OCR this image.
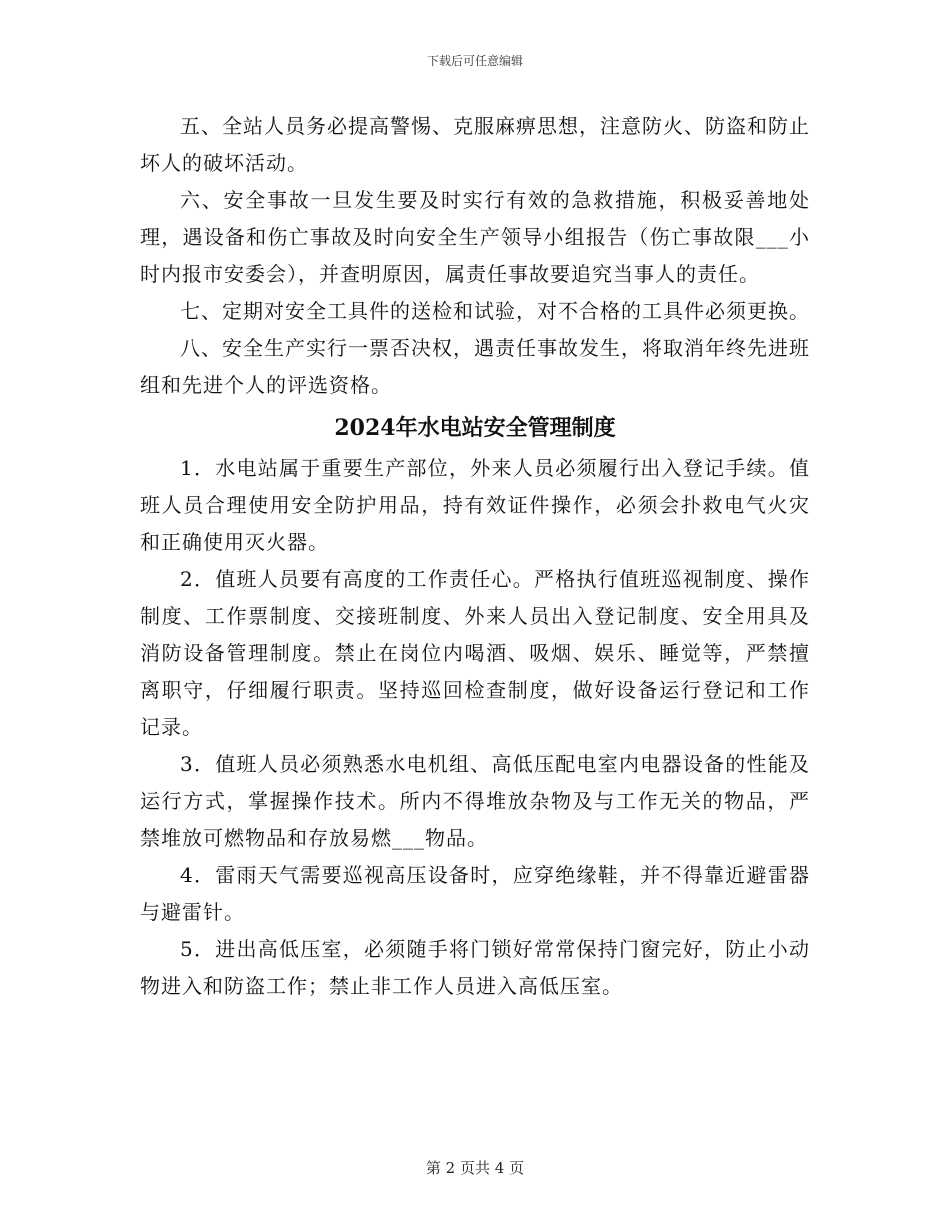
下载后可任意编辑

五、全站人员务必提高警惕、克服麻痹思想，注意防火、防盗和防止坏人的破坏活动。

六、安全事故一旦发生要及时实行有效的急救措施，积极妥善地处理，遇设备和伤亡事故及时向安全生产领导小组报告（伤亡事故限___小时内报市安委会），并查明原因，属责任事故要追究当事人的责任。

七、定期对安全工具件的送检和试验，对不合格的工具件必须更换。

八、安全生产实行一票否决权，遇责任事故发生，将取消年终先进班组和先进个人的评选资格。

2024年水电站安全管理制度

1．水电站属于重要生产部位，外来人员必须履行出入登记手续。值班人员合理使用安全防护用品，持有效证件操作，必须会扑救电气火灾和正确使用灭火器。

2．值班人员要有高度的工作责任心。严格执行值班巡视制度、操作制度、工作票制度、交接班制度、外来人员出入登记制度、安全用具及消防设备管理制度。禁止在岗位内喝酒、吸烟、娱乐、睡觉等，严禁擅离职守，仔细履行职责。坚持巡回检查制度，做好设备运行登记和工作记录。

3．值班人员必须熟悉水电机组、高低压配电室内电器设备的性能及运行方式，掌握操作技术。所内不得堆放杂物及与工作无关的物品，严禁堆放可燃物品和存放易燃___物品。

4．雷雨天气需要巡视高压设备时，应穿绝缘鞋，并不得靠近避雷器与避雷针。

5．进出高低压室，必须随手将门锁好常常保持门窗完好，防止小动物进入和防盗工作；禁止非工作人员进入高低压室。

第 2 页共 4 页
